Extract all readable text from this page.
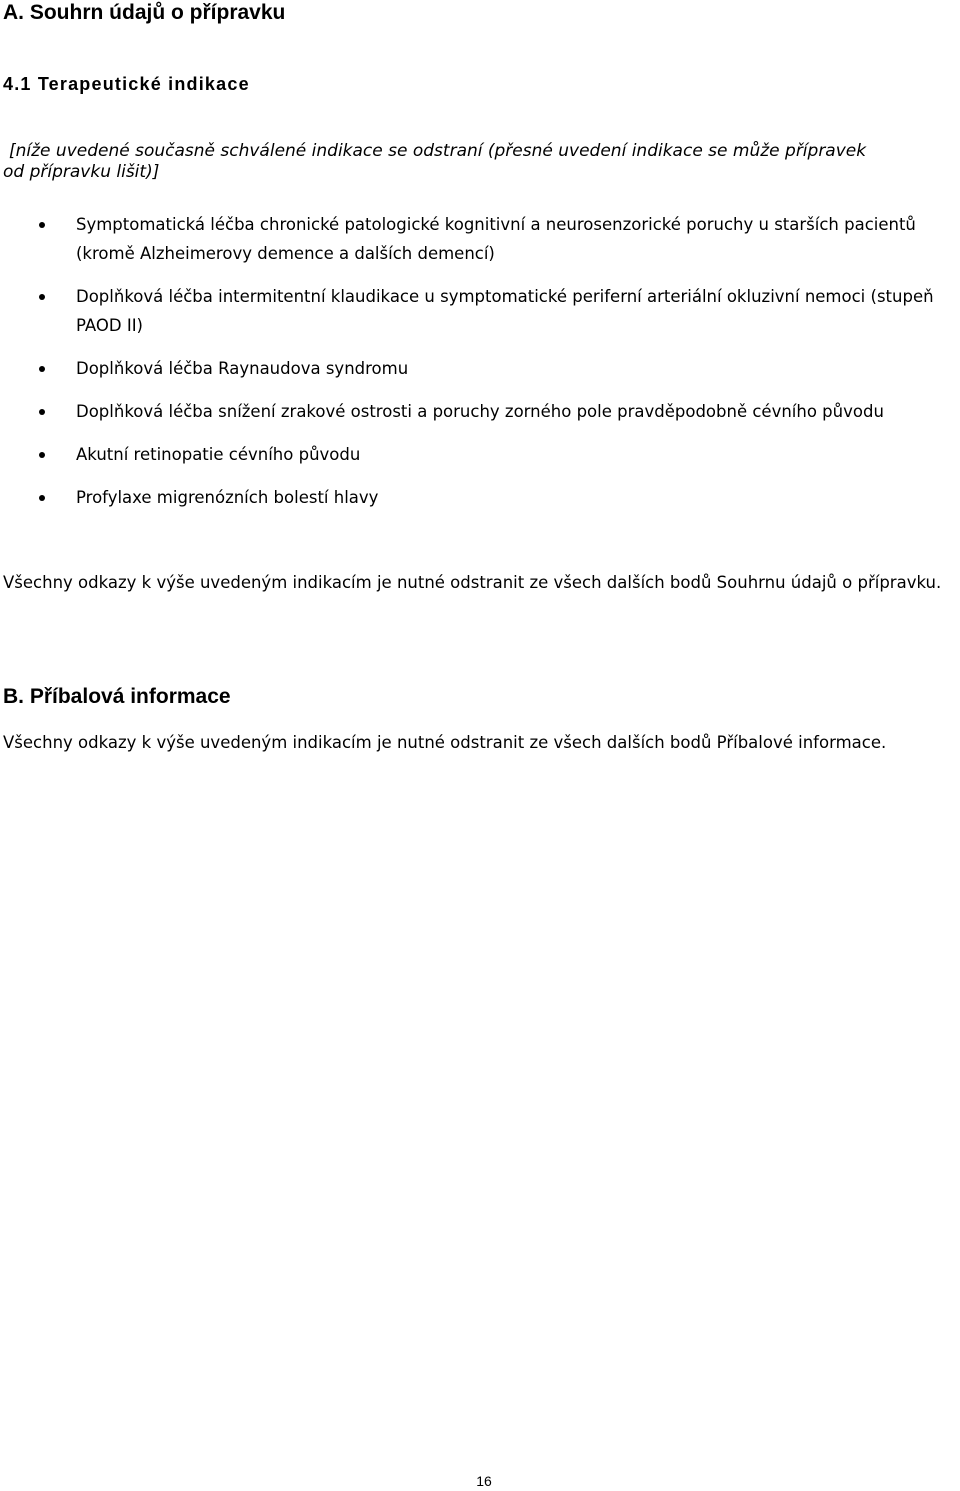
A. Souhrn údajů o přípravku
4.1 Terapeutické indikace

[níže uvedené současně schválené indikace se odstraní (přesné uvedení indikace se může přípravek
od přípravku lišit)]

Symptomatická léčba chronické patologické kognitivní a neurosenzorické poruchy u starších pacientů (kromě Alzheimerovy demence a dalších demencí)
Doplňková léčba intermitentní klaudikace u symptomatické periferní arteriální okluzivní nemoci (stupeň PAOD II)
Doplňková léčba Raynaudova syndromu
Doplňková léčba snížení zrakové ostrosti a poruchy zorného pole pravděpodobně cévního původu
Akutní retinopatie cévního původu
Profylaxe migrenózních bolestí hlavy

Všechny odkazy k výše uvedeným indikacím je nutné odstranit ze všech dalších bodů Souhrnu údajů o přípravku.

B. Příbalová informace

Všechny odkazy k výše uvedeným indikacím je nutné odstranit ze všech dalších bodů Příbalové informace.

16
